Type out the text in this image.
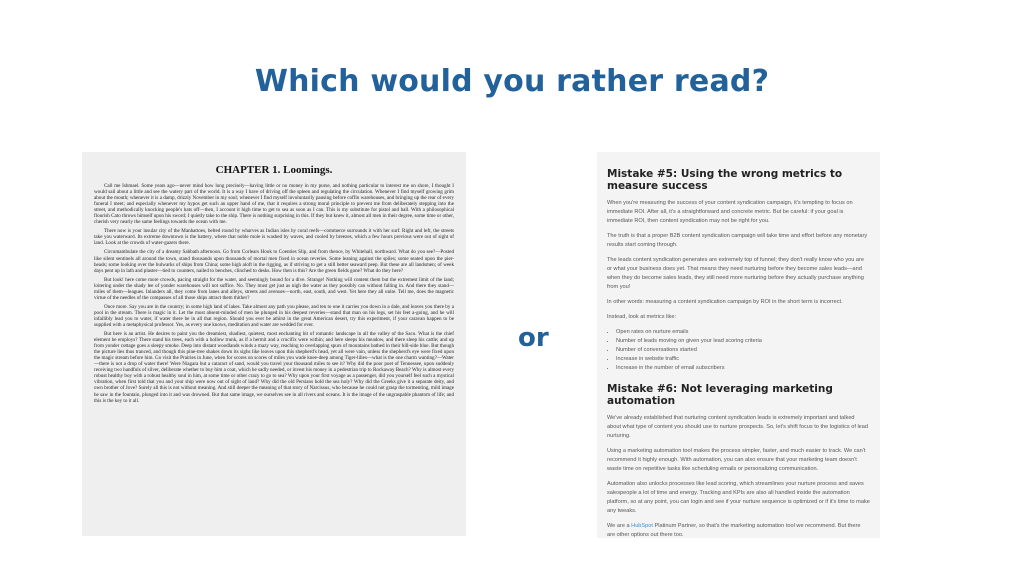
Which would you rather read?
CHAPTER 1. Loomings.

Call me Ishmael. Some years ago—never mind how long precisely—having little or no money in my purse, and nothing particular to interest me on shore, I thought I would sail about a little and see the watery part of the world. It is a way I have of driving off the spleen and regulating the circulation. Whenever I find myself growing grim about the mouth; whenever it is a damp, drizzly November in my soul; whenever I find myself involuntarily pausing before coffin warehouses, and bringing up the rear of every funeral I meet; and especially whenever my hypos get such an upper hand of me, that it requires a strong moral principle to prevent me from deliberately stepping into the street, and methodically knocking people's hats off—then, I account it high time to get to sea as soon as I can. This is my substitute for pistol and ball. With a philosophical flourish Cato throws himself upon his sword; I quietly take to the ship. There is nothing surprising in this. If they but knew it, almost all men in their degree, some time or other, cherish very nearly the same feelings towards the ocean with me.

There now is your insular city of the Manhattoes, belted round by wharves as Indian isles by coral reefs—commerce surrounds it with her surf. Right and left, the streets take you waterward. Its extreme downtown is the battery, where that noble mole is washed by waves, and cooled by breezes, which a few hours previous were out of sight of land. Look at the crowds of water-gazers there.

Circumambulate the city of a dreamy Sabbath afternoon. Go from Corlears Hook to Coenties Slip, and from thence, by Whitehall, northward. What do you see?—Posted like silent sentinels all around the town, stand thousands upon thousands of mortal men fixed in ocean reveries. Some leaning against the spiles; some seated upon the pier-heads; some looking over the bulwarks of ships from China; some high aloft in the rigging, as if striving to get a still better seaward peep. But these are all landsmen; of week days pent up in lath and plaster—tied to counters, nailed to benches, clinched to desks. How then is this? Are the green fields gone? What do they here?

But look! here come more crowds, pacing straight for the water, and seemingly bound for a dive. Strange! Nothing will content them but the extremest limit of the land; loitering under the shady lee of yonder warehouses will not suffice. No. They must get just as nigh the water as they possibly can without falling in. And there they stand—miles of them—leagues. Inlanders all, they come from lanes and alleys, streets and avenues—north, east, south, and west. Yet here they all unite. Tell me, does the magnetic virtue of the needles of the compasses of all those ships attract them thither?

Once more. Say you are in the country; in some high land of lakes. Take almost any path you please, and ten to one it carries you down in a dale, and leaves you there by a pool in the stream. There is magic in it. Let the most absent-minded of men be plunged in his deepest reveries—stand that man on his legs, set his feet a-going, and he will infallibly lead you to water, if water there be in all that region. Should you ever be athirst in the great American desert, try this experiment, if your caravan happen to be supplied with a metaphysical professor. Yes, as every one knows, meditation and water are wedded for ever.

But here is an artist. He desires to paint you the dreamiest, shadiest, quietest, most enchanting bit of romantic landscape in all the valley of the Saco. What is the chief element he employs? There stand his trees, each with a hollow trunk, as if a hermit and a crucifix were within; and here sleeps his meadow, and there sleep his cattle; and up from yonder cottage goes a sleepy smoke. Deep into distant woodlands winds a mazy way, reaching to overlapping spurs of mountains bathed in their hill-side blue. But though the picture lies thus tranced, and though this pine-tree shakes down its sighs like leaves upon this shepherd's head, yet all were vain, unless the shepherd's eye were fixed upon the magic stream before him. Go visit the Prairies in June, when for scores on scores of miles you wade knee-deep among Tiger-lilies—what is the one charm wanting?—Water—there is not a drop of water there! Were Niagara but a cataract of sand, would you travel your thousand miles to see it? Why did the poor poet of Tennessee, upon suddenly receiving two handfuls of silver, deliberate whether to buy him a coat, which he sadly needed, or invest his money in a pedestrian trip to Rockaway Beach? Why is almost every robust healthy boy with a robust healthy soul in him, at some time or other crazy to go to sea? Why upon your first voyage as a passenger, did you yourself feel such a mystical vibration, when first told that you and your ship were now out of sight of land? Why did the old Persians hold the sea holy? Why did the Greeks give it a separate deity, and own brother of Jove? Surely all this is not without meaning. And still deeper the meaning of that story of Narcissus, who because he could not grasp the tormenting, mild image he saw in the fountain, plunged into it and was drowned. But that same image, we ourselves see in all rivers and oceans. It is the image of the ungraspable phantom of life; and this is the key to it all.

or
Mistake #5: Using the wrong metrics to measure success

When you're measuring the success of your content syndication campaign, it's tempting to focus on immediate ROI. After all, it's a straightforward and concrete metric. But be careful: if your goal is immediate ROI, then content syndication may not be right for you.

The truth is that a proper B2B content syndication campaign will take time and effort before any monetary results start coming through.

The leads content syndication generates are extremely top of funnel; they don't really know who you are or what your business does yet. That means they need nurturing before they become sales leads—and when they do become sales leads, they still need more nurturing before they actually purchase anything from you!

In other words: measuring a content syndication campaign by ROI in the short term is incorrect.

Instead, look at metrics like:

• Open rates on nurture emails
• Number of leads moving on given your lead scoring criteria
• Number of conversations started
• Increase in website traffic
• Increase in the number of email subscribers
Mistake #6: Not leveraging marketing automation

We've already established that nurturing content syndication leads is extremely important and talked about what type of content you should use to nurture prospects. So, let's shift focus to the logistics of lead nurturing.

Using a marketing automation tool makes the process simpler, faster, and much easier to track. We can't recommend it highly enough. With automation, you can also ensure that your marketing team doesn't waste time on repetitive tasks like scheduling emails or personalizing communication.

Automation also unlocks processes like lead scoring, which streamlines your nurture process and saves salespeople a lot of time and energy. Tracking and KPIs are also all handled inside the automation platform, so at any point, you can login and see if your nurture sequence is optimized or if it's time to make any tweaks.

We are a HubSpot Platinum Partner, so that's the marketing automation tool we recommend. But there are other options out there too.
